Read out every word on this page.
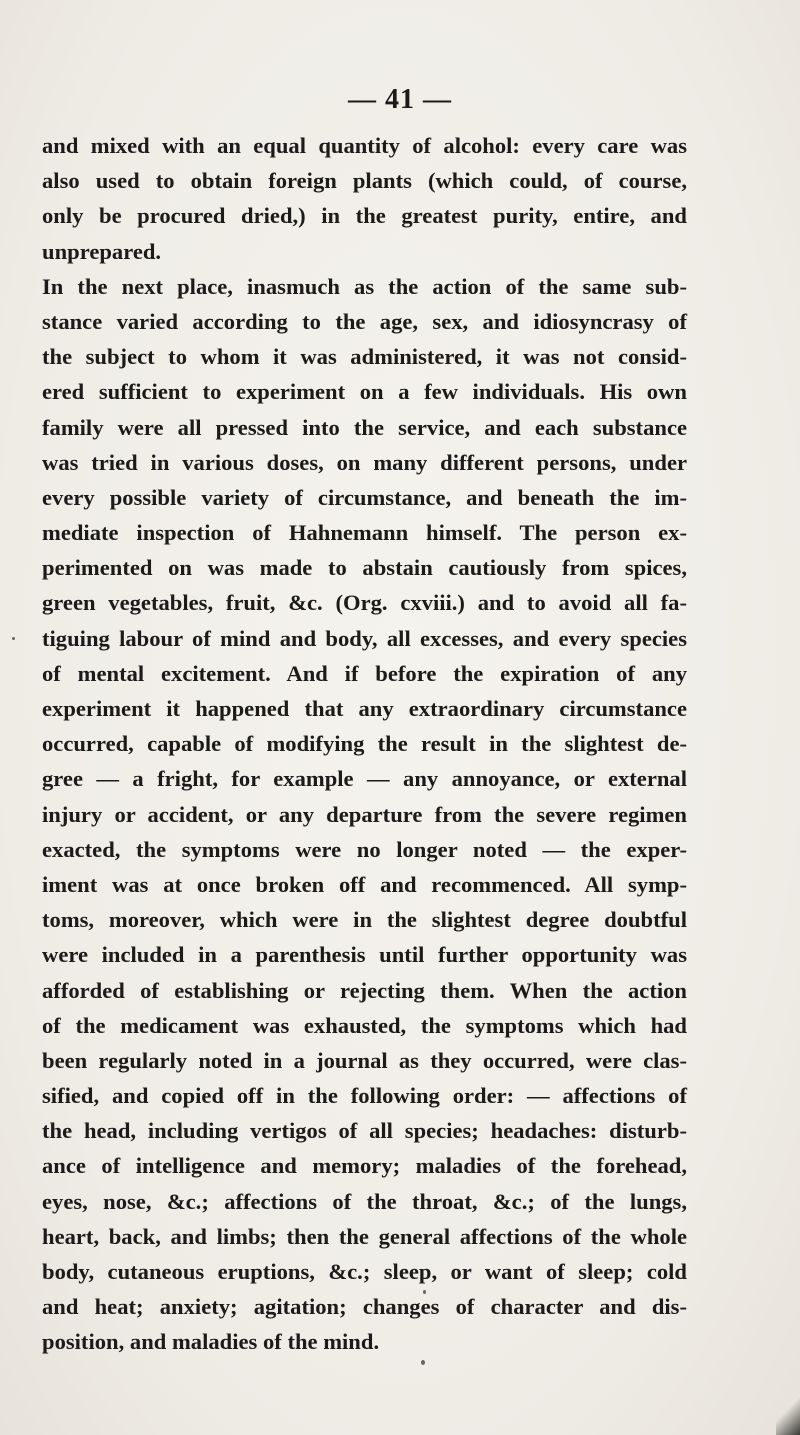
— 41 —
and mixed with an equal quantity of alcohol: every care was
also used to obtain foreign plants (which could, of course,
only be procured dried,) in the greatest purity, entire, and
unprepared.
In the next place, inasmuch as the action of the same sub-
stance varied according to the age, sex, and idiosyncrasy of
the subject to whom it was administered, it was not consid-
ered sufficient to experiment on a few individuals. His own
family were all pressed into the service, and each substance
was tried in various doses, on many different persons, under
every possible variety of circumstance, and beneath the im-
mediate inspection of Hahnemann himself. The person ex-
perimented on was made to abstain cautiously from spices,
green vegetables, fruit, &c. (Org. cxviii.) and to avoid all fa-
tiguing labour of mind and body, all excesses, and every species
of mental excitement. And if before the expiration of any
experiment it happened that any extraordinary circumstance
occurred, capable of modifying the result in the slightest de-
gree — a fright, for example — any annoyance, or external
injury or accident, or any departure from the severe regimen
exacted, the symptoms were no longer noted — the exper-
iment was at once broken off and recommenced. All symp-
toms, moreover, which were in the slightest degree doubtful
were included in a parenthesis until further opportunity was
afforded of establishing or rejecting them. When the action
of the medicament was exhausted, the symptoms which had
been regularly noted in a journal as they occurred, were clas-
sified, and copied off in the following order: — affections of
the head, including vertigos of all species; headaches: disturb-
ance of intelligence and memory; maladies of the forehead,
eyes, nose, &c.; affections of the throat, &c.; of the lungs,
heart, back, and limbs; then the general affections of the whole
body, cutaneous eruptions, &c.; sleep, or want of sleep; cold
and heat; anxiety; agitation; changes of character and dis-
position, and maladies of the mind.
